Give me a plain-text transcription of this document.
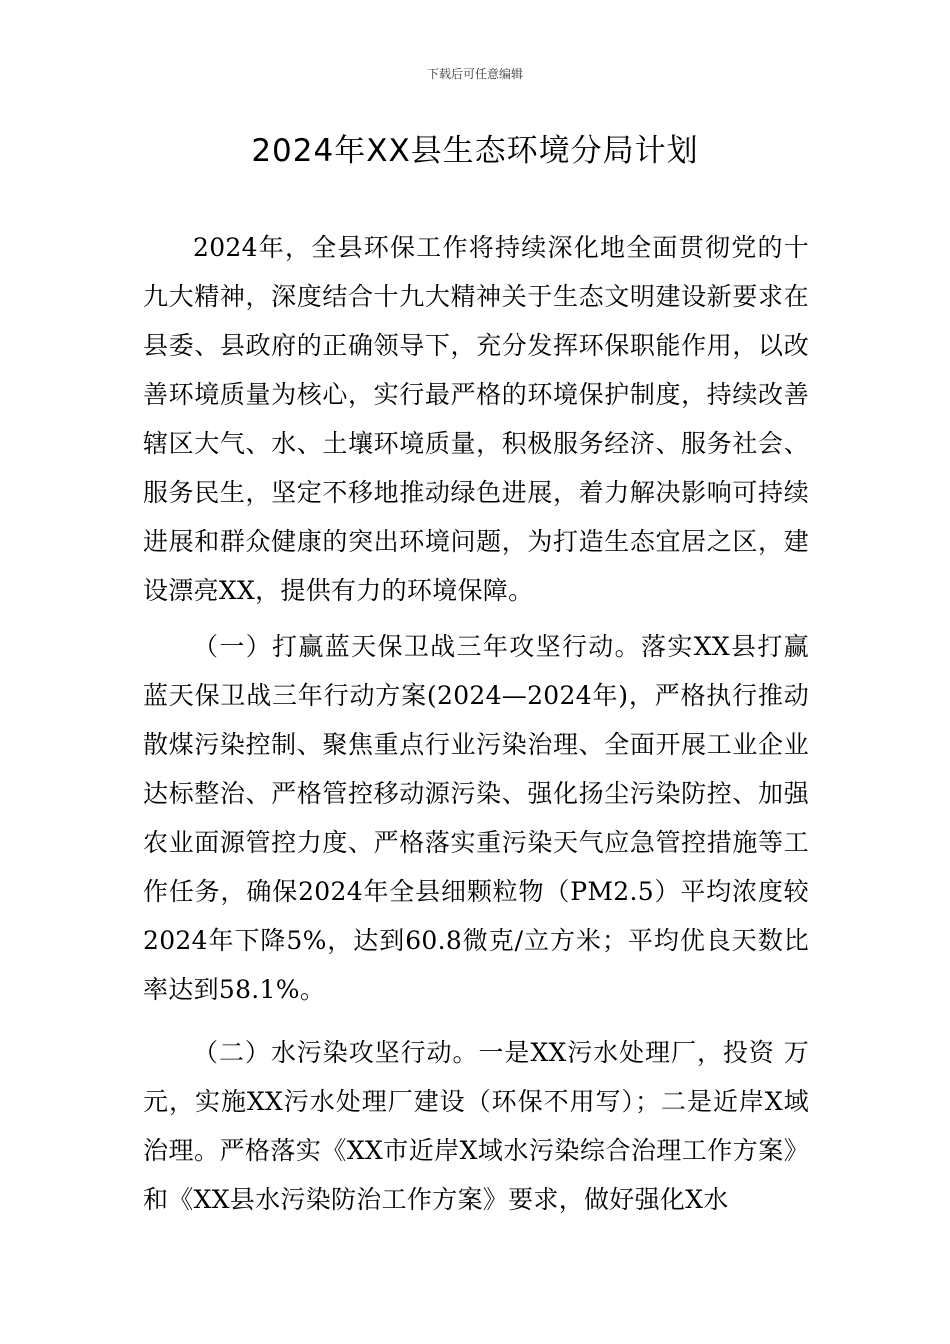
下载后可任意编辑
2024年XX县生态环境分局计划

2024年，全县环保工作将持续深化地全面贯彻党的十九大精神，深度结合十九大精神关于生态文明建设新要求在县委、县政府的正确领导下，充分发挥环保职能作用，以改善环境质量为核心，实行最严格的环境保护制度，持续改善辖区大气、水、土壤环境质量，积极服务经济、服务社会、服务民生，坚定不移地推动绿色进展，着力解决影响可持续进展和群众健康的突出环境问题，为打造生态宜居之区，建设漂亮XX，提供有力的环境保障。

（一）打赢蓝天保卫战三年攻坚行动。落实XX县打赢蓝天保卫战三年行动方案(2024—2024年)，严格执行推动散煤污染控制、聚焦重点行业污染治理、全面开展工业企业达标整治、严格管控移动源污染、强化扬尘污染防控、加强农业面源管控力度、严格落实重污染天气应急管控措施等工作任务，确保2024年全县细颗粒物（PM2.5）平均浓度较2024年下降5%，达到60.8微克/立方米；平均优良天数比率达到58.1%。

（二）水污染攻坚行动。一是XX污水处理厂，投资 万元，实施XX污水处理厂建设（环保不用写）；二是近岸X域治理。严格落实《XX市近岸X域水污染综合治理工作方案》和《XX县水污染防治工作方案》要求，做好强化X水
